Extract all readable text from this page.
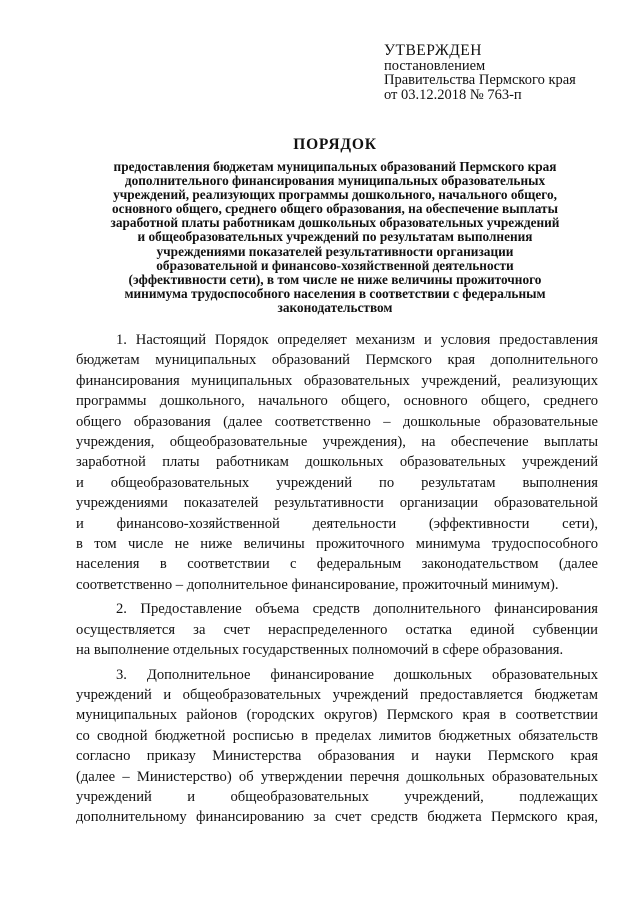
УТВЕРЖДЕН
постановлением
Правительства Пермского края
от 03.12.2018 № 763-п
ПОРЯДОК
предоставления бюджетам муниципальных образований Пермского края
дополнительного финансирования муниципальных образовательных
учреждений, реализующих программы дошкольного, начального общего,
основного общего, среднего общего образования, на обеспечение выплаты
заработной платы работникам дошкольных образовательных учреждений
и общеобразовательных учреждений по результатам выполнения
учреждениями показателей результативности организации
образовательной и финансово-хозяйственной деятельности
(эффективности сети), в том числе не ниже величины прожиточного
минимума трудоспособного населения в соответствии с федеральным
законодательством
1. Настоящий Порядок определяет механизм и условия предоставления
бюджетам муниципальных образований Пермского края дополнительного
финансирования муниципальных образовательных учреждений, реализующих
программы дошкольного, начального общего, основного общего, среднего
общего образования (далее соответственно – дошкольные образовательные
учреждения, общеобразовательные учреждения), на обеспечение выплаты
заработной платы работникам дошкольных образовательных учреждений
и общеобразовательных учреждений по результатам выполнения
учреждениями показателей результативности организации образовательной
и финансово-хозяйственной деятельности (эффективности сети),
в том числе не ниже величины прожиточного минимума трудоспособного
населения в соответствии с федеральным законодательством (далее
соответственно – дополнительное финансирование, прожиточный минимум).
2. Предоставление объема средств дополнительного финансирования
осуществляется за счет нераспределенного остатка единой субвенции
на выполнение отдельных государственных полномочий в сфере образования.
3. Дополнительное финансирование дошкольных образовательных
учреждений и общеобразовательных учреждений предоставляется бюджетам
муниципальных районов (городских округов) Пермского края в соответствии
со сводной бюджетной росписью в пределах лимитов бюджетных обязательств
согласно приказу Министерства образования и науки Пермского края
(далее – Министерство) об утверждении перечня дошкольных образовательных
учреждений и общеобразовательных учреждений, подлежащих
дополнительному финансированию за счет средств бюджета Пермского края,
